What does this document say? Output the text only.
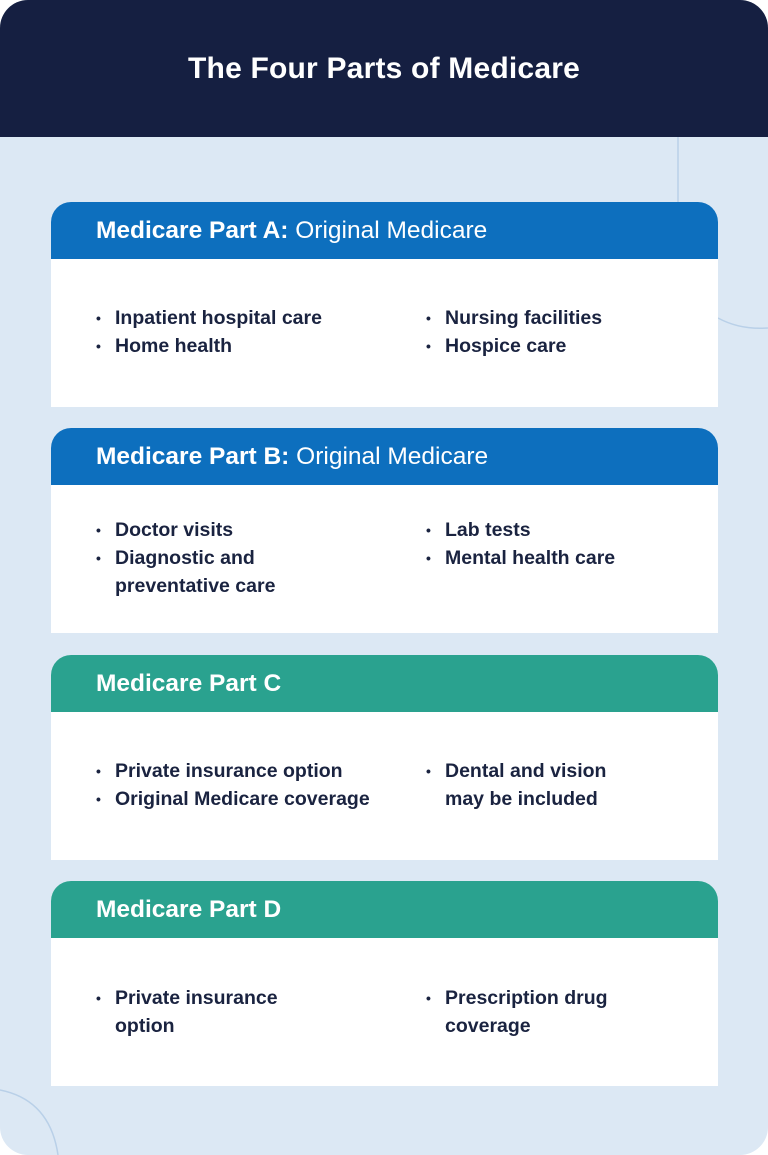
The Four Parts of Medicare
Medicare Part A: Original Medicare
• Inpatient hospital care
• Home health
• Nursing facilities
• Hospice care
Medicare Part B: Original Medicare
• Doctor visits
• Diagnostic and preventative care
• Lab tests
• Mental health care
Medicare Part C
• Private insurance option
• Original Medicare coverage
• Dental and vision may be included
Medicare Part D
• Private insurance option
• Prescription drug coverage
